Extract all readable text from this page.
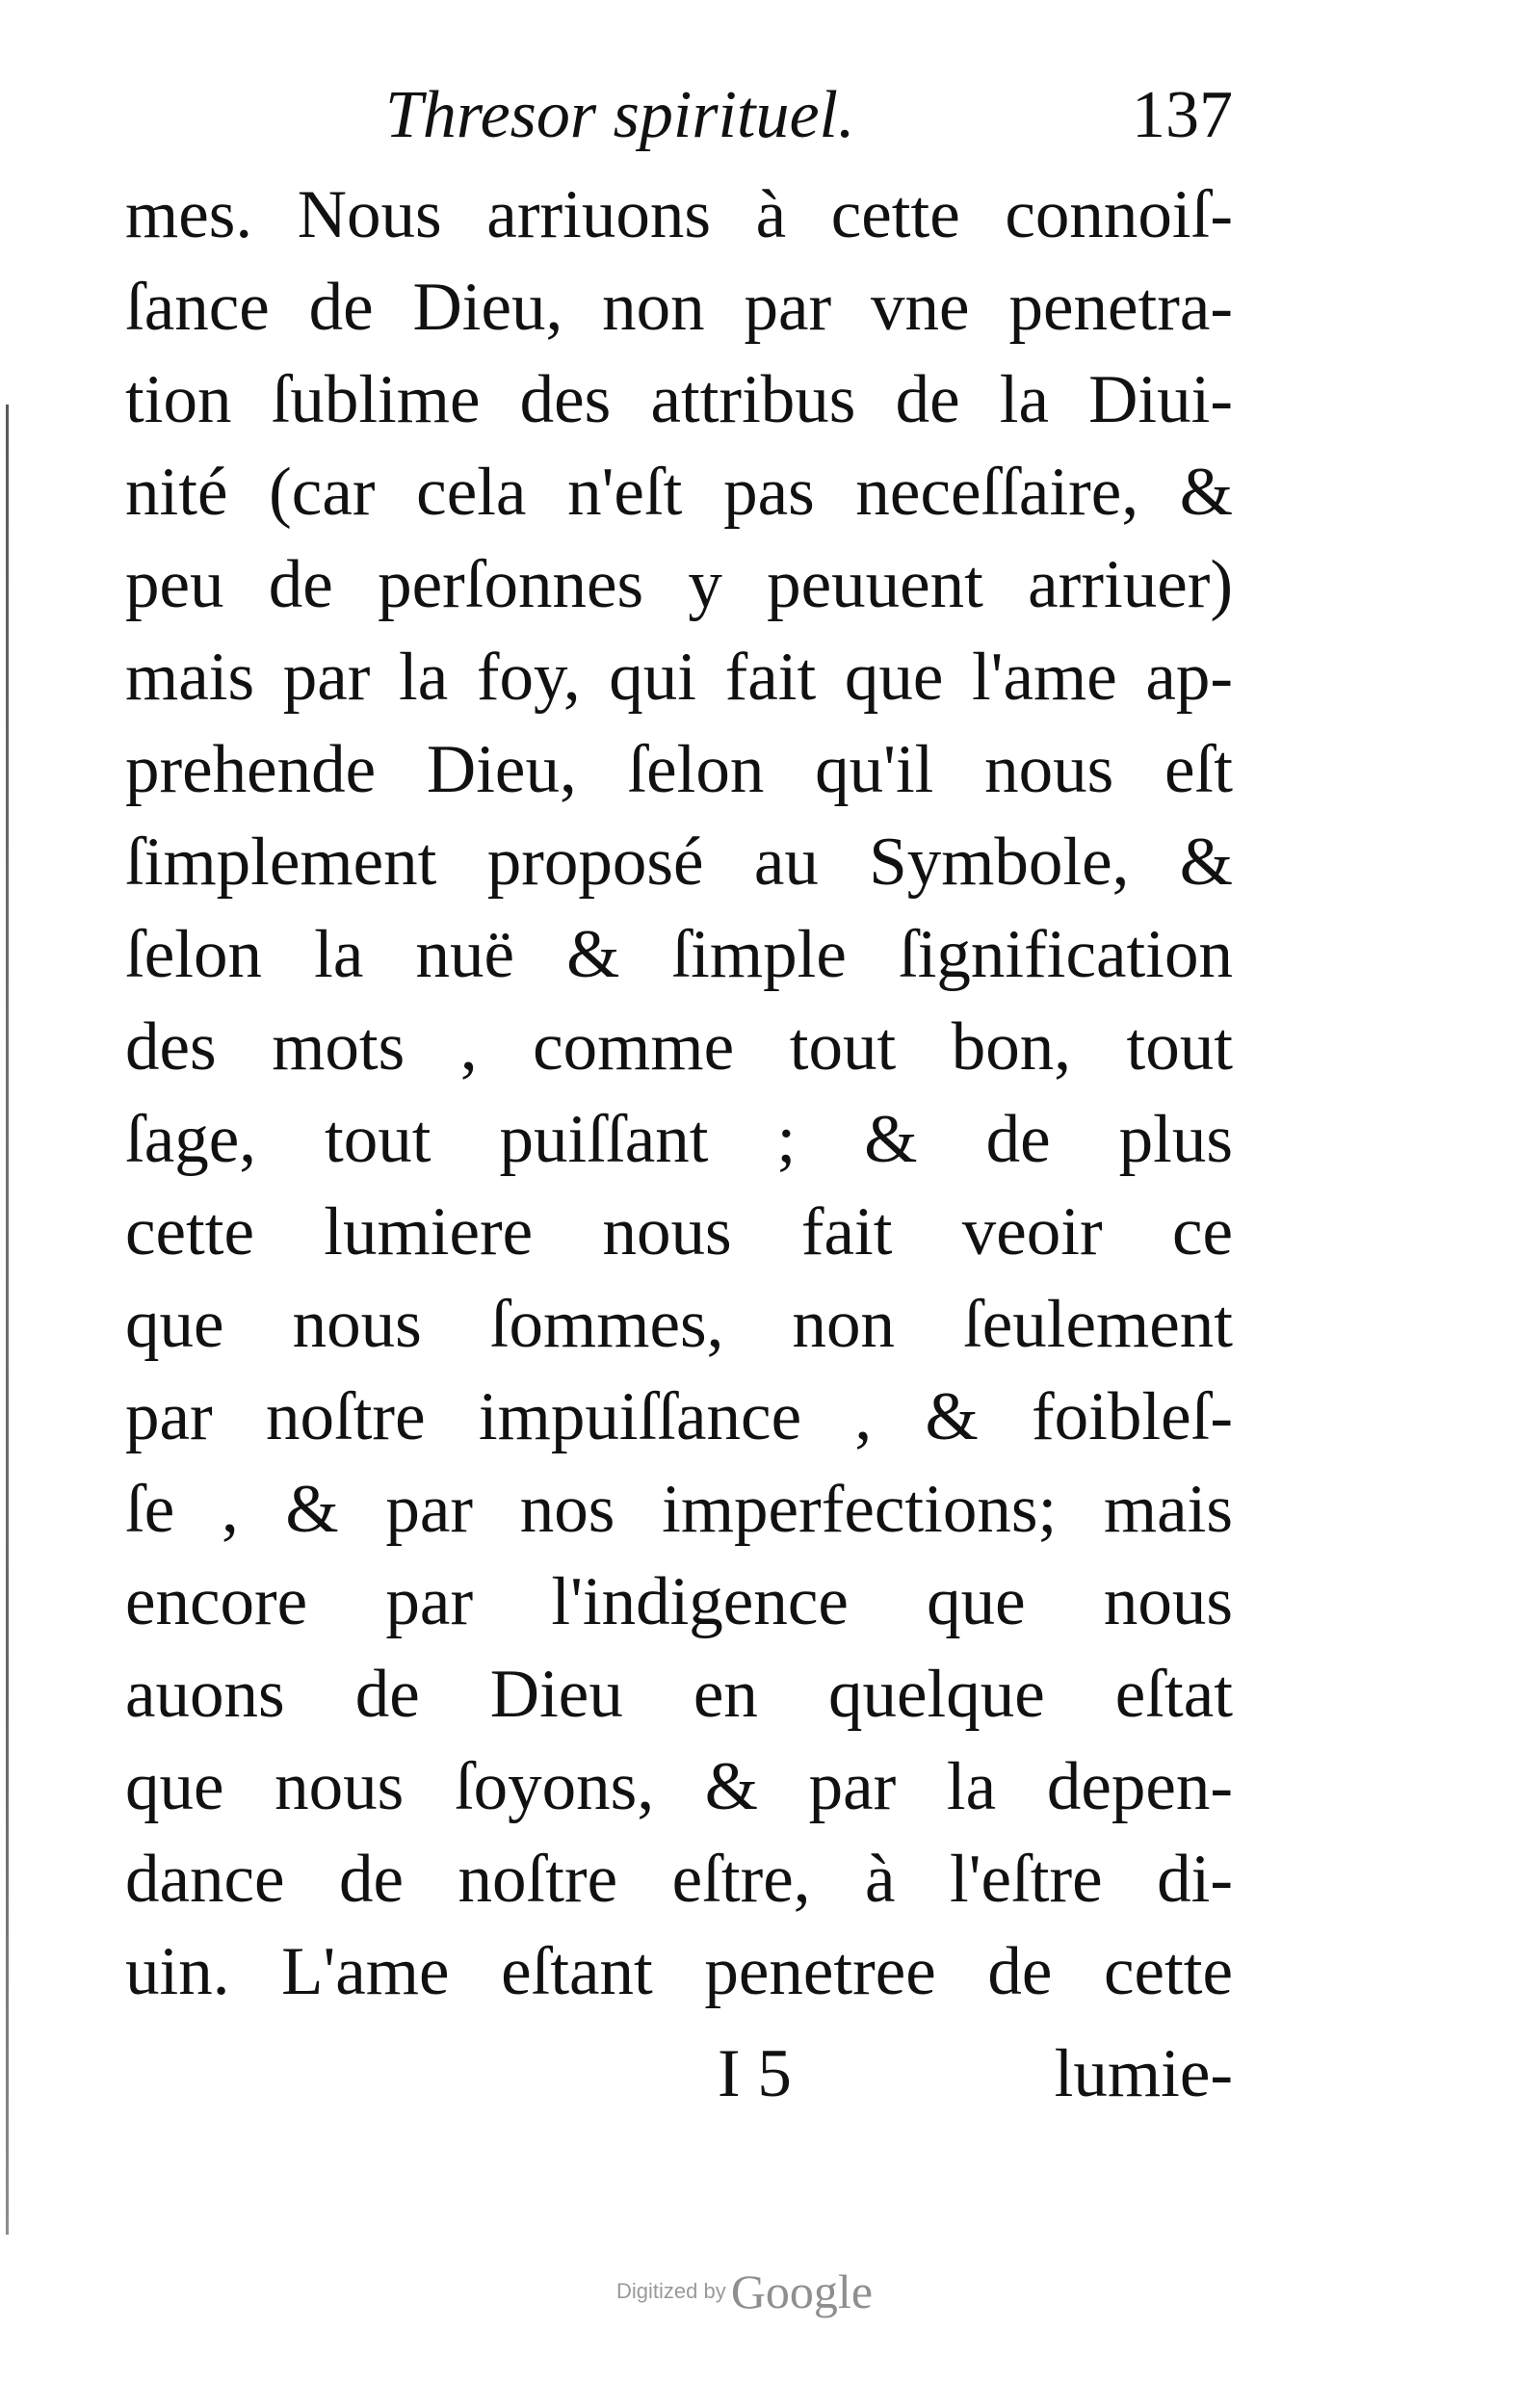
Thresor spirituel.	137
mes. Nous arriuons à cette connoiſ-
ſance de Dieu, non par vne penetra-
tion ſublime des attribus de la Diui-
nité (car cela n'eſt pas neceſſaire, &
peu de perſonnes y peuuent arriuer)
mais par la foy, qui fait que l'ame ap-
prehende Dieu, ſelon qu'il nous eſt
ſimplement proposé au Symbole, &
ſelon la nuë & ſimple ſignification
des mots , comme tout bon, tout
ſage, tout puiſſant ; & de plus
cette lumiere nous fait veoir ce
que nous ſommes, non ſeulement
par noſtre impuiſſance , & foibleſ-
ſe , & par nos imperfections; mais
encore par l'indigence que nous
auons de Dieu en quelque eſtat
que nous ſoyons, & par la depen-
dance de noſtre eſtre, à l'eſtre di-
uin. L'ame eſtant penetree de cette
I 5	lumie-
Digitized by Google
